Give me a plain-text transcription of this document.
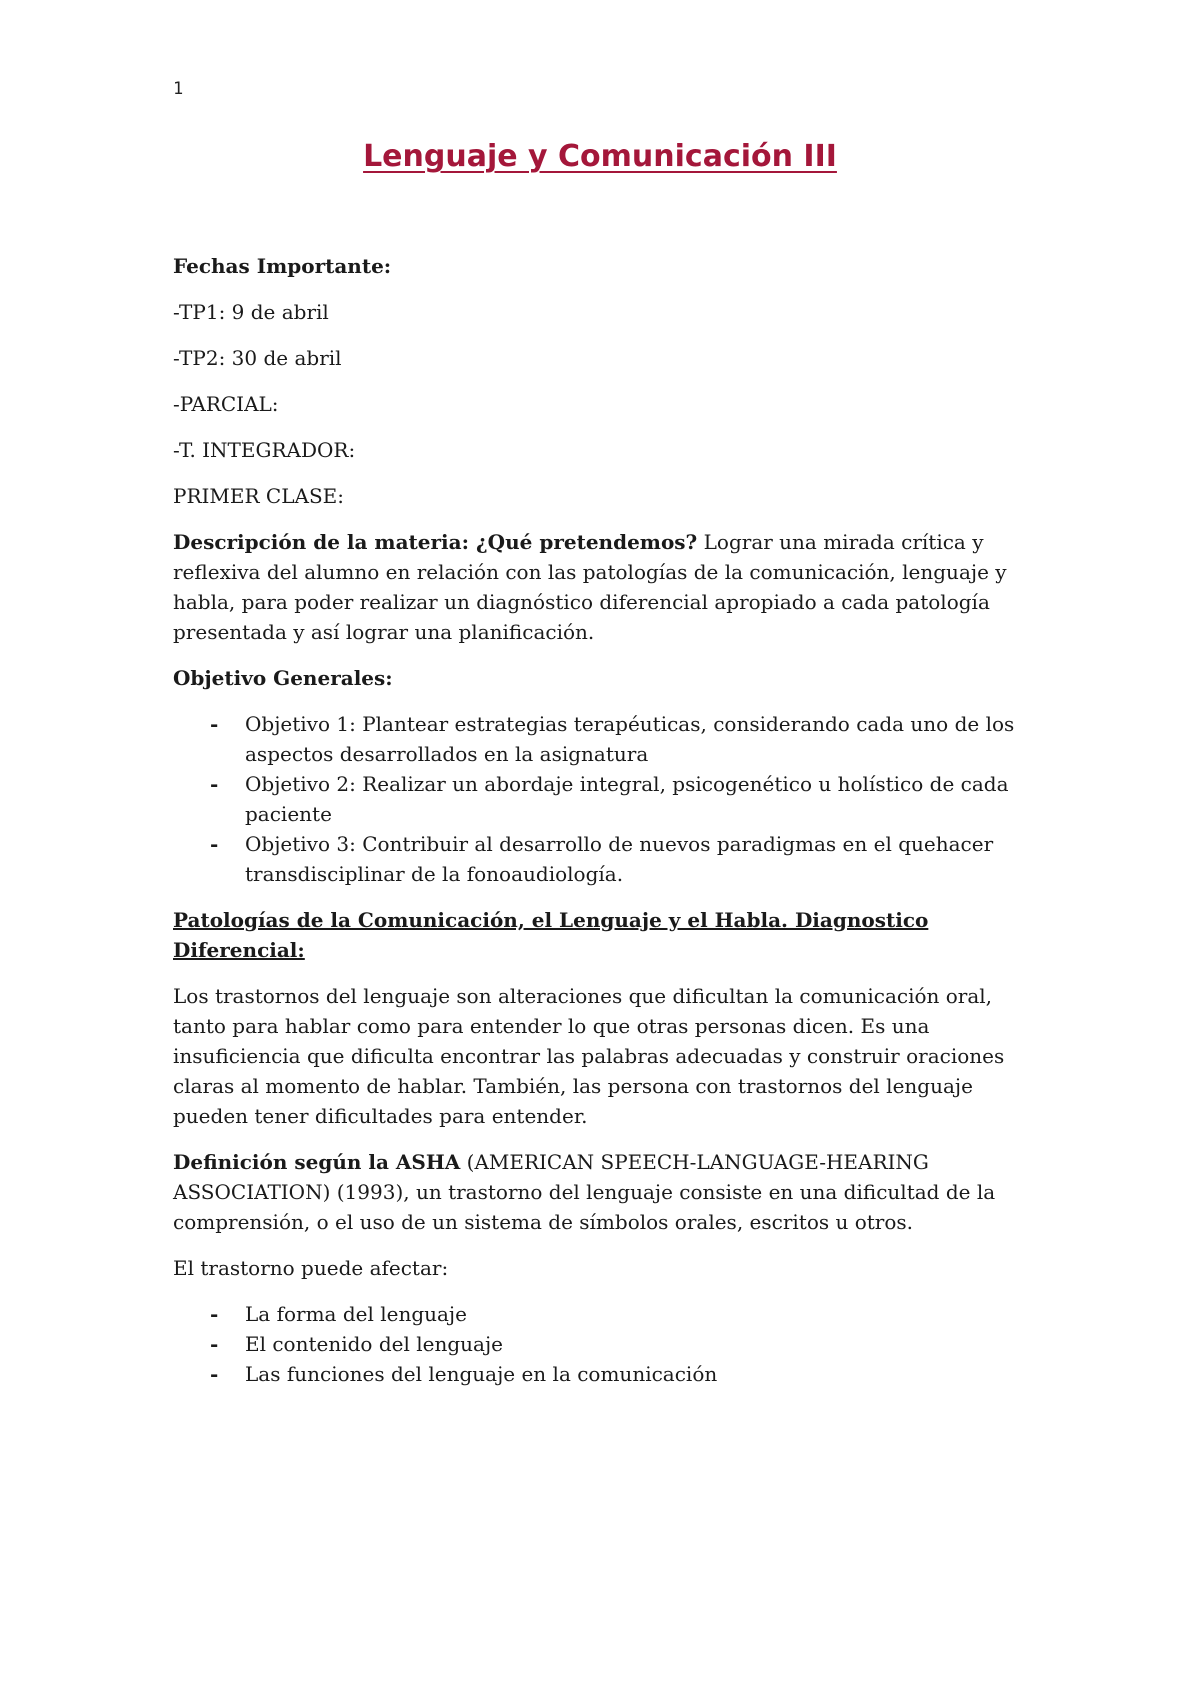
1
Lenguaje y Comunicación III

Fechas Importante:

-TP1: 9 de abril

-TP2: 30 de abril

-PARCIAL:

-T. INTEGRADOR:

PRIMER CLASE:

Descripción de la materia: ¿Qué pretendemos? Lograr una mirada crítica y reflexiva del alumno en relación con las patologías de la comunicación, lenguaje y habla, para poder realizar un diagnóstico diferencial apropiado a cada patología presentada y así lograr una planificación.

Objetivo Generales:

- Objetivo 1: Plantear estrategias terapéuticas, considerando cada uno de los aspectos desarrollados en la asignatura
- Objetivo 2: Realizar un abordaje integral, psicogenético u holístico de cada paciente
- Objetivo 3: Contribuir al desarrollo de nuevos paradigmas en el quehacer transdisciplinar de la fonoaudiología.

Patologías de la Comunicación, el Lenguaje y el Habla. Diagnostico Diferencial:

Los trastornos del lenguaje son alteraciones que dificultan la comunicación oral, tanto para hablar como para entender lo que otras personas dicen. Es una insuficiencia que dificulta encontrar las palabras adecuadas y construir oraciones claras al momento de hablar. También, las persona con trastornos del lenguaje pueden tener dificultades para entender.

Definición según la ASHA (AMERICAN SPEECH-LANGUAGE-HEARING ASSOCIATION) (1993), un trastorno del lenguaje consiste en una dificultad de la comprensión, o el uso de un sistema de símbolos orales, escritos u otros.

El trastorno puede afectar:

- La forma del lenguaje
- El contenido del lenguaje
- Las funciones del lenguaje en la comunicación
